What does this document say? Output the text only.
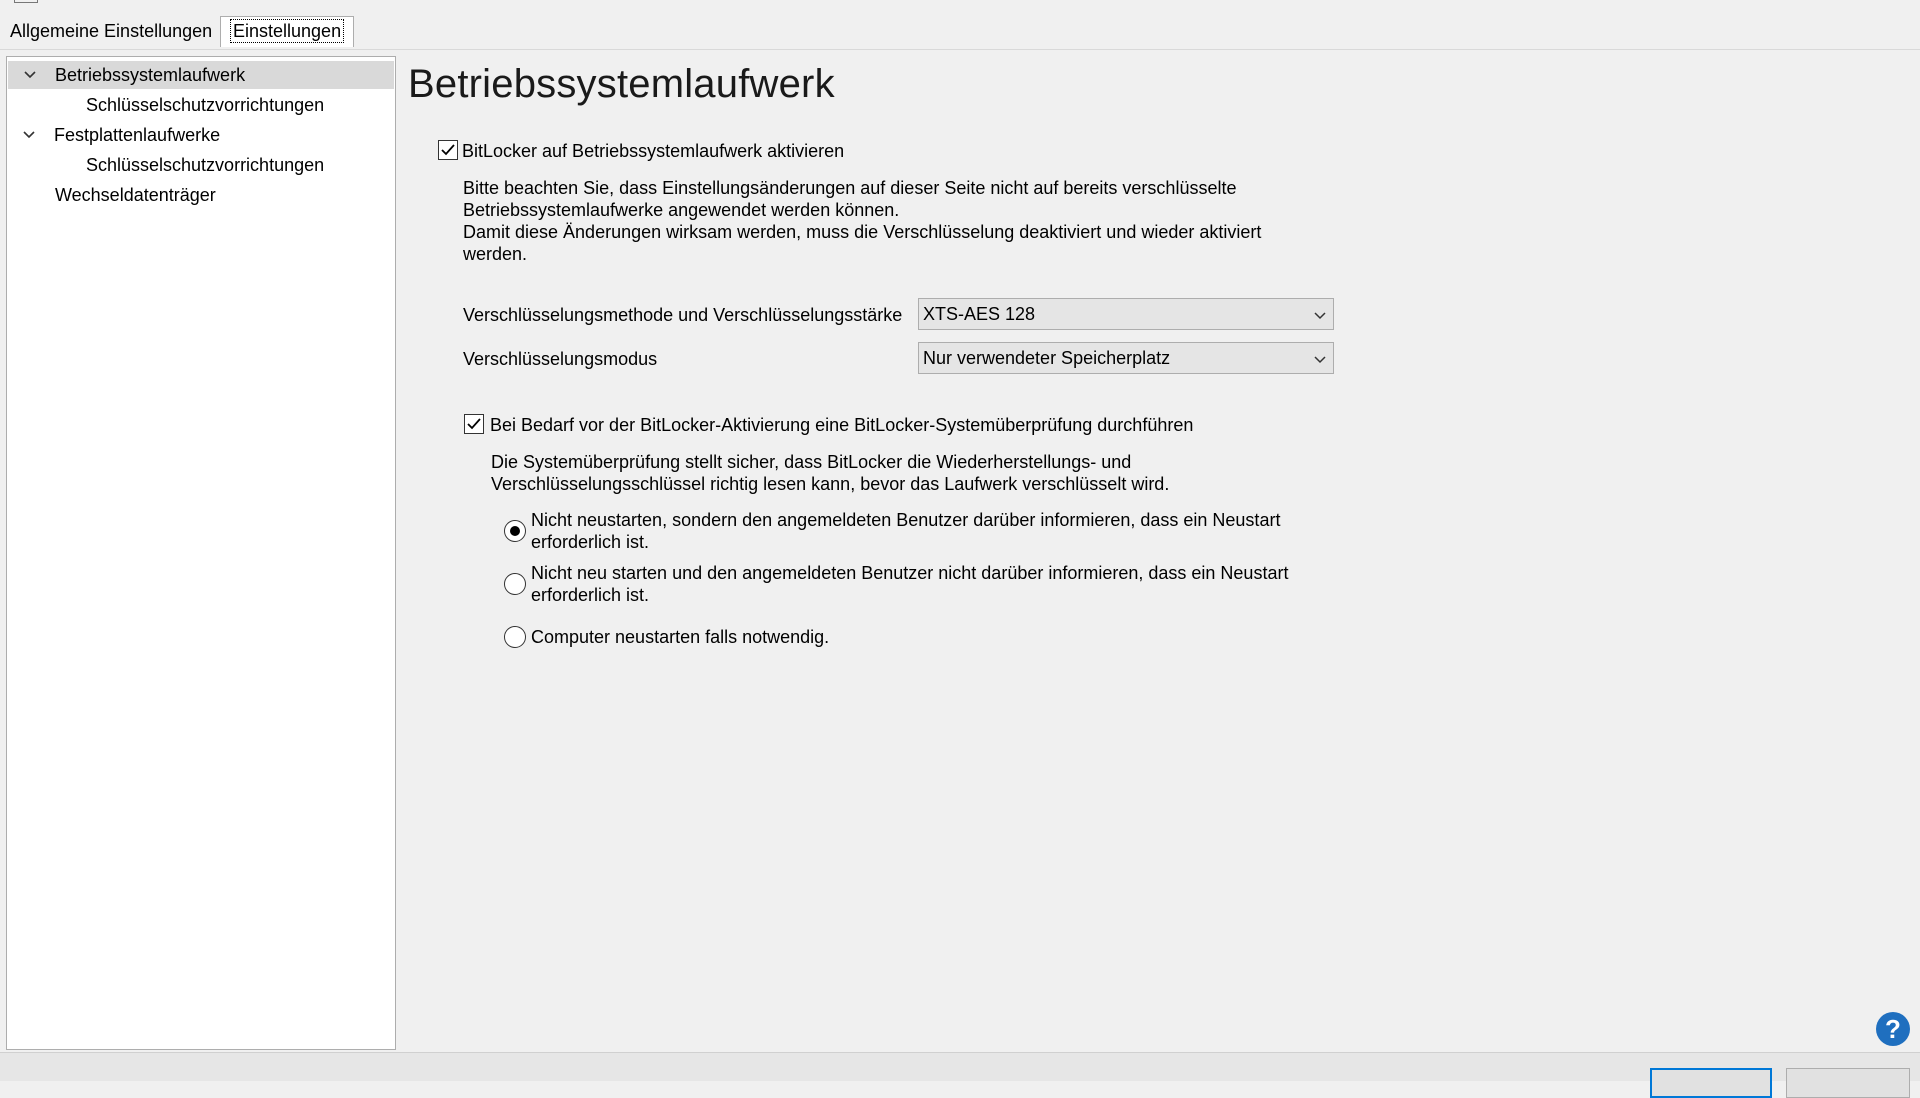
Allgemeine Einstellungen	Einstellungen
Betriebssystemlaufwerk
Schlüsselschutzvorrichtungen
Festplattenlaufwerke
Schlüsselschutzvorrichtungen
Wechseldatenträger
Betriebssystemlaufwerk
BitLocker auf Betriebssystemlaufwerk aktivieren
Bitte beachten Sie, dass Einstellungsänderungen auf dieser Seite nicht auf bereits verschlüsselte
Betriebssystemlaufwerke angewendet werden können.
Damit diese Änderungen wirksam werden, muss die Verschlüsselung deaktiviert und wieder aktiviert
werden.
Verschlüsselungsmethode und Verschlüsselungsstärke XTS-AES 128
Verschlüsselungsmodus	Nur verwendeter Speicherplatz
Bei Bedarf vor der BitLocker-Aktivierung eine BitLocker-Systemüberprüfung durchführen
Die Systemüberprüfung stellt sicher, dass BitLocker die Wiederherstellungs- und
Verschlüsselungsschlüssel richtig lesen kann, bevor das Laufwerk verschlüsselt wird.
Nicht neustarten, sondern den angemeldeten Benutzer darüber informieren, dass ein Neustart
erforderlich ist.
Nicht neu starten und den angemeldeten Benutzer nicht darüber informieren, dass ein Neustart
erforderlich ist.
Computer neustarten falls notwendig.
?
